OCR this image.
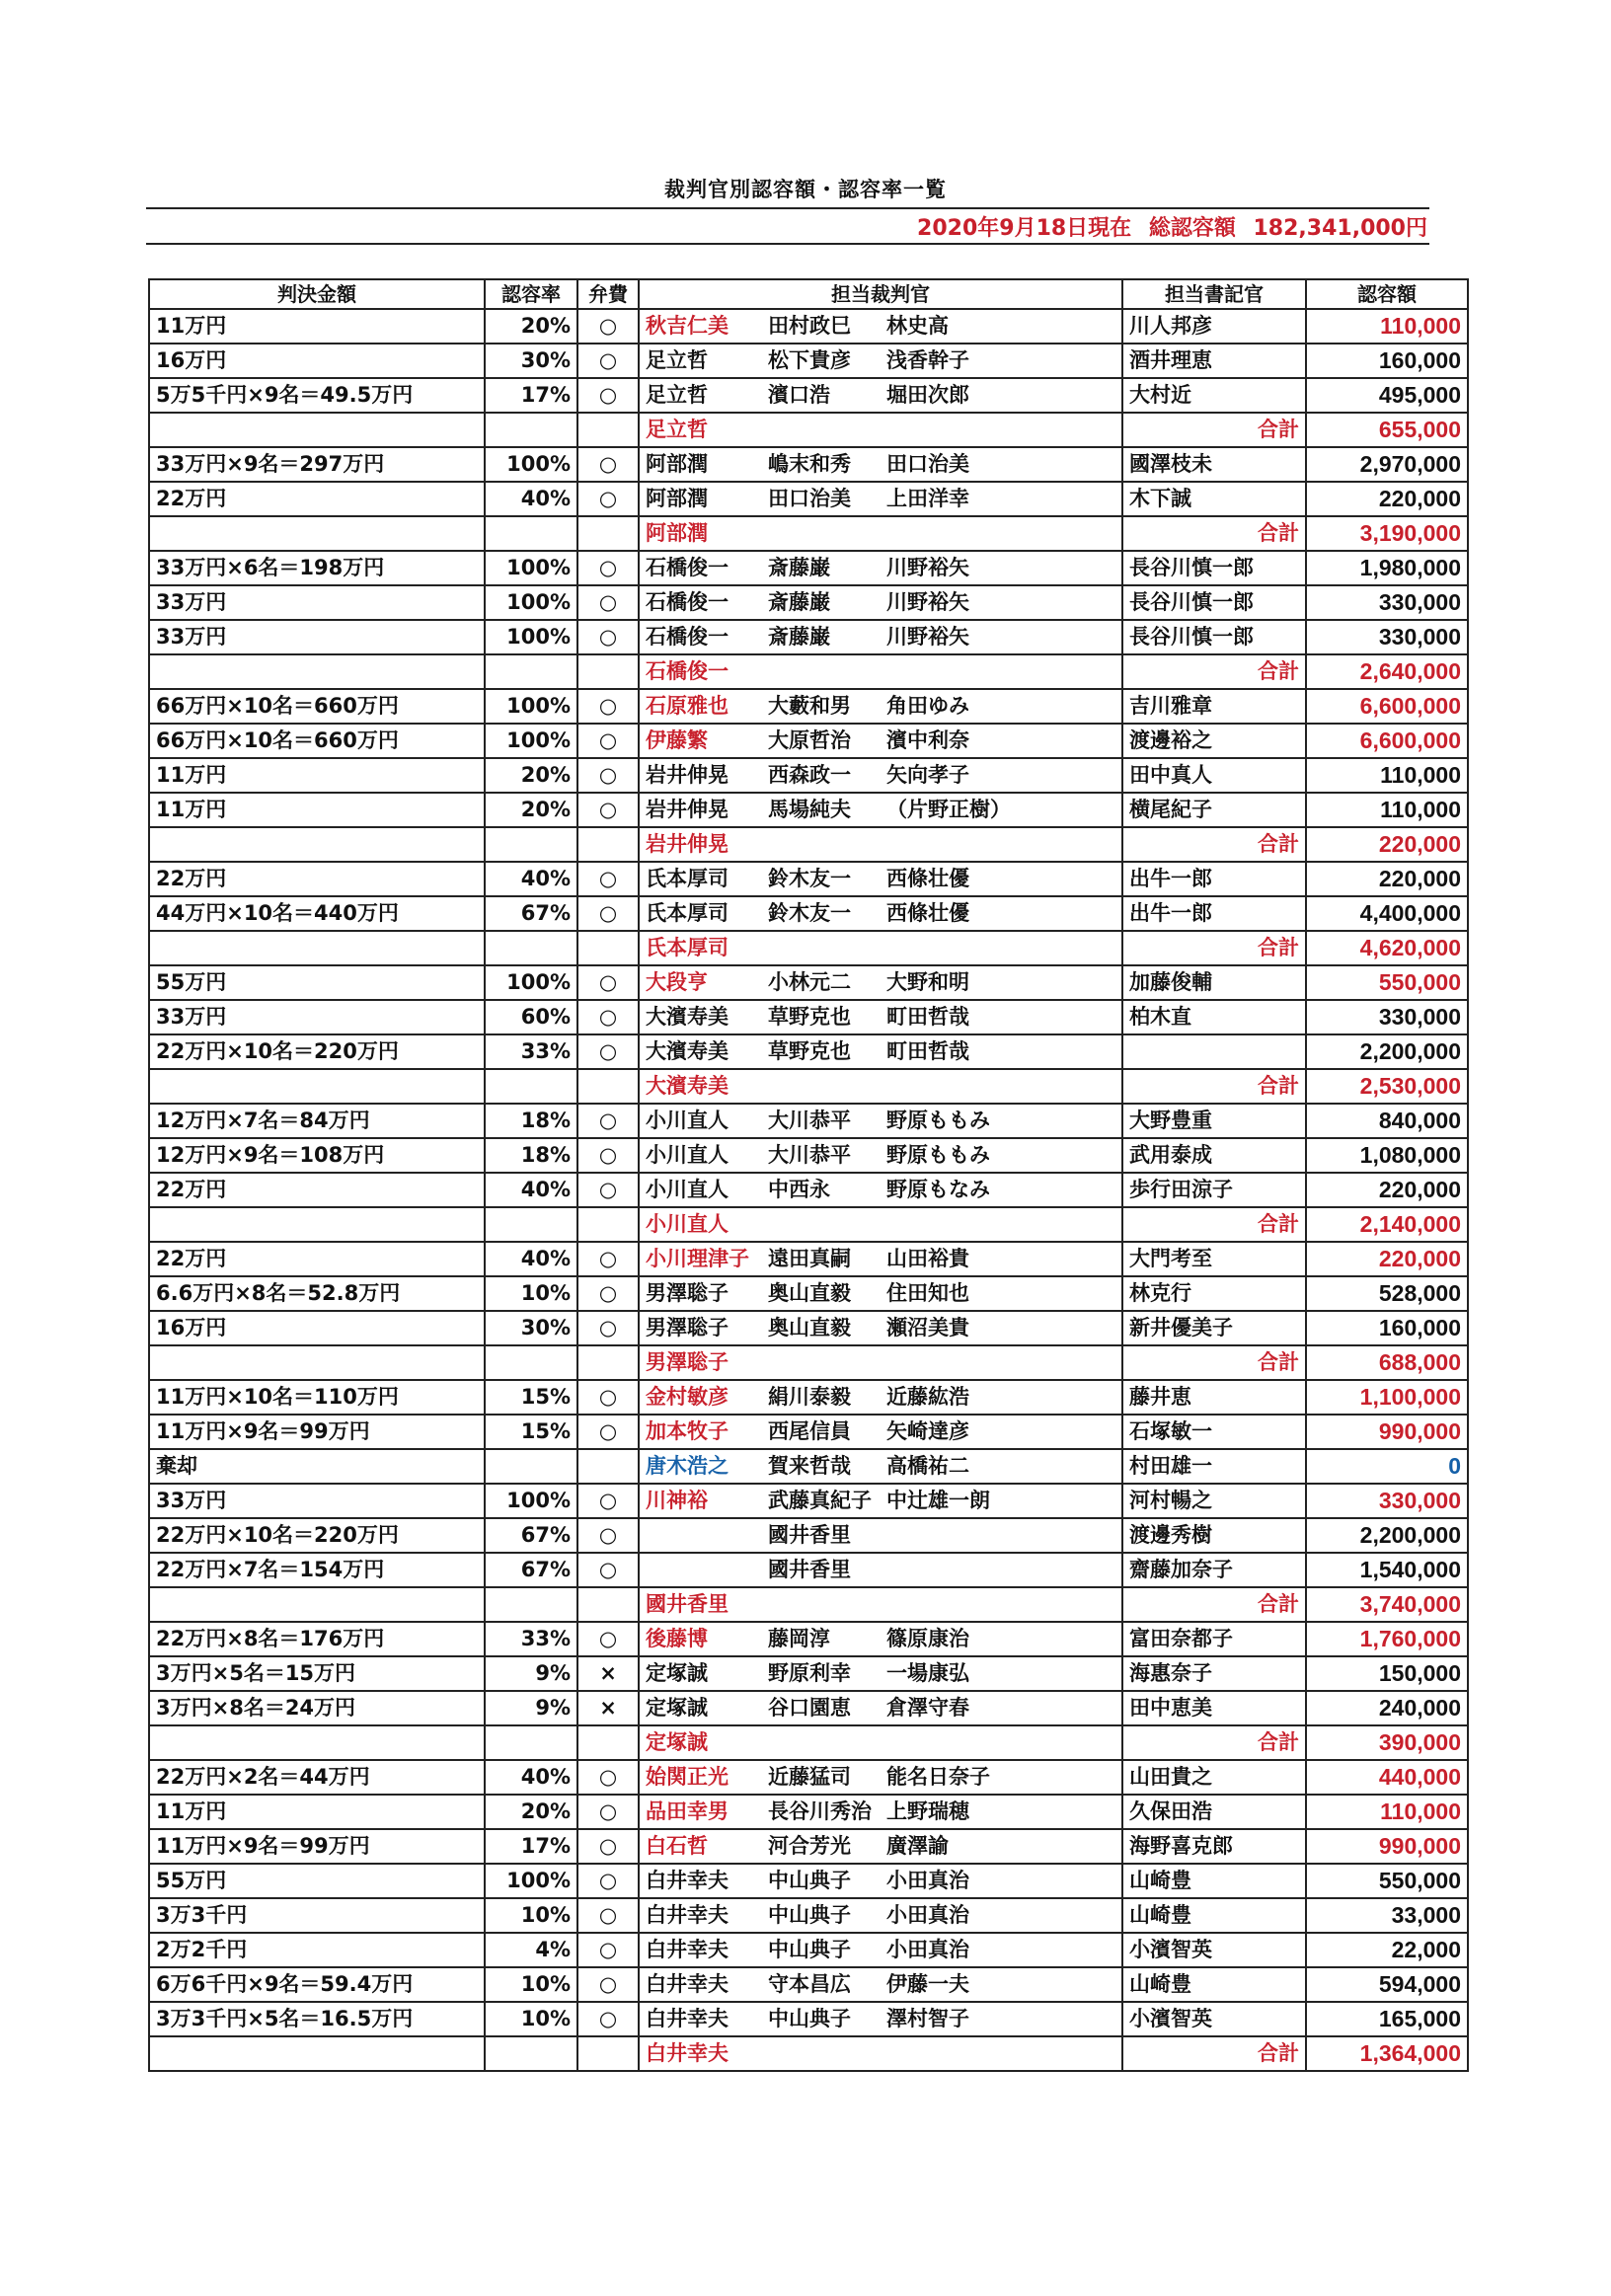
裁判官別認容額・認容率一覧
2020年9月18日現在 総認容額 182,341,000円
判決金額	認容率	弁費	担当裁判官	担当書記官	認容額
11万円	20%	○	秋吉仁美 田村政巳 林史高	川人邦彦	110,000
16万円	30%	○	足立哲 松下貴彦 浅香幹子	酒井理恵	160,000
5万5千円×9名＝49.5万円	17%	○	足立哲 濱口浩 堀田次郎	大村近	495,000

			足立哲	合計	655,000
33万円×9名＝297万円	100%	○	阿部潤 嶋末和秀 田口治美	國澤枝未	2,970,000
22万円	40%	○	阿部潤 田口治美 上田洋幸	木下誠	220,000

			阿部潤	合計	3,190,000
33万円×6名＝198万円	100%	○	石橋俊一 斎藤巌 川野裕矢	長谷川慎一郎	1,980,000
33万円	100%	○	石橋俊一 斎藤巌 川野裕矢	長谷川慎一郎	330,000
33万円	100%	○	石橋俊一 斎藤巌 川野裕矢	長谷川慎一郎	330,000

			石橋俊一	合計	2,640,000
66万円×10名＝660万円	100%	○	石原雅也 大藪和男 角田ゆみ	吉川雅章	6,600,000
66万円×10名＝660万円	100%	○	伊藤繁 大原哲治 濱中利奈	渡邊裕之	6,600,000
11万円	20%	○	岩井伸晃 西森政一 矢向孝子	田中真人	110,000
11万円	20%	○	岩井伸晃 馬場純夫 （片野正樹）	横尾紀子	110,000

			岩井伸晃	合計	220,000
22万円	40%	○	氏本厚司 鈴木友一 西條壮優	出牛一郎	220,000
44万円×10名＝440万円	67%	○	氏本厚司 鈴木友一 西條壮優	出牛一郎	4,400,000

			氏本厚司	合計	4,620,000
55万円	100%	○	大段亨 小林元二 大野和明	加藤俊輔	550,000
33万円	60%	○	大濱寿美 草野克也 町田哲哉	柏木直	330,000
22万円×10名＝220万円	33%	○	大濱寿美 草野克也 町田哲哉		2,200,000

			大濱寿美	合計	2,530,000
12万円×7名＝84万円	18%	○	小川直人 大川恭平 野原ももみ	大野豊重	840,000
12万円×9名＝108万円	18%	○	小川直人 大川恭平 野原ももみ	武用泰成	1,080,000
22万円	40%	○	小川直人 中西永 野原もなみ	歩行田涼子	220,000

			小川直人	合計	2,140,000
22万円	40%	○	小川理津子 遠田真嗣 山田裕貴	大門考至	220,000
6.6万円×8名＝52.8万円	10%	○	男澤聡子 奥山直毅 住田知也	林克行	528,000
16万円	30%	○	男澤聡子 奥山直毅 瀬沼美貴	新井優美子	160,000

			男澤聡子	合計	688,000
11万円×10名＝110万円	15%	○	金村敏彦 絹川泰毅 近藤紘浩	藤井恵	1,100,000
11万円×9名＝99万円	15%	○	加本牧子 西尾信員 矢崎達彦	石塚敏一	990,000
棄却			唐木浩之 賀来哲哉 高橋祐二	村田雄一	0
33万円	100%	○	川神裕 武藤真紀子 中辻雄一朗	河村暢之	330,000
22万円×10名＝220万円	67%	○	國井香里	渡邊秀樹	2,200,000
22万円×7名＝154万円	67%	○	國井香里	齋藤加奈子	1,540,000

			國井香里	合計	3,740,000
22万円×8名＝176万円	33%	○	後藤博 藤岡淳 篠原康治	富田奈都子	1,760,000
3万円×5名＝15万円	9%	×	定塚誠 野原利幸 一場康弘	海惠奈子	150,000
3万円×8名＝24万円	9%	×	定塚誠 谷口園恵 倉澤守春	田中恵美	240,000

			定塚誠	合計	390,000
22万円×2名＝44万円	40%	○	始関正光 近藤猛司 能名日奈子	山田貴之	440,000
11万円	20%	○	品田幸男 長谷川秀治 上野瑞穂	久保田浩	110,000
11万円×9名＝99万円	17%	○	白石哲 河合芳光 廣澤諭	海野喜克郎	990,000
55万円	100%	○	白井幸夫 中山典子 小田真治	山崎豊	550,000
3万3千円	10%	○	白井幸夫 中山典子 小田真治	山崎豊	33,000
2万2千円	4%	○	白井幸夫 中山典子 小田真治	小濱智英	22,000
6万6千円×9名＝59.4万円	10%	○	白井幸夫 守本昌広 伊藤一夫	山崎豊	594,000
3万3千円×5名＝16.5万円	10%	○	白井幸夫 中山典子 澤村智子	小濱智英	165,000

			白井幸夫	合計	1,364,000
